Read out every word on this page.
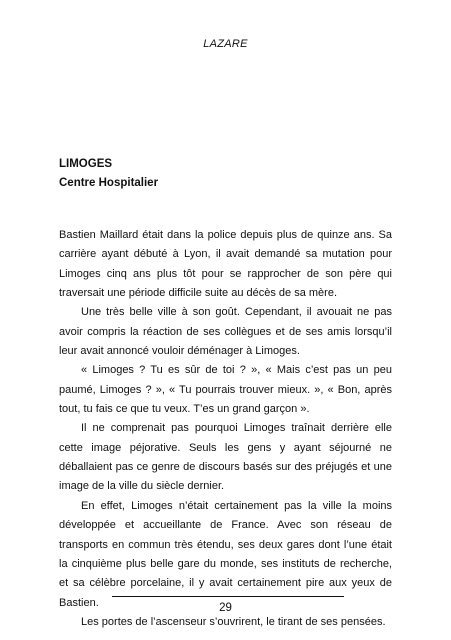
LAZARE
LIMOGES
Centre Hospitalier

Bastien Maillard était dans la police depuis plus de quinze ans. Sa carrière ayant débuté à Lyon, il avait demandé sa mutation pour Limoges cinq ans plus tôt pour se rapprocher de son père qui traversait une période difficile suite au décès de sa mère.

Une très belle ville à son goût. Cependant, il avouait ne pas avoir compris la réaction de ses collègues et de ses amis lorsqu’il leur avait annoncé vouloir déménager à Limoges.

« Limoges ? Tu es sûr de toi ? », « Mais c’est pas un peu paumé, Limoges ? », « Tu pourrais trouver mieux. », « Bon, après tout, tu fais ce que tu veux. T’es un grand garçon ».

Il ne comprenait pas pourquoi Limoges traînait derrière elle cette image péjorative. Seuls les gens y ayant séjourné ne déballaient pas ce genre de discours basés sur des préjugés et une image de la ville du siècle dernier.

En effet, Limoges n’était certainement pas la ville la moins développée et accueillante de France. Avec son réseau de transports en commun très étendu, ses deux gares dont l’une était la cinquième plus belle gare du monde, ses instituts de recherche, et sa célèbre porcelaine, il y avait certainement pire aux yeux de Bastien.

Les portes de l’ascenseur s’ouvrirent, le tirant de ses pensées.

29
